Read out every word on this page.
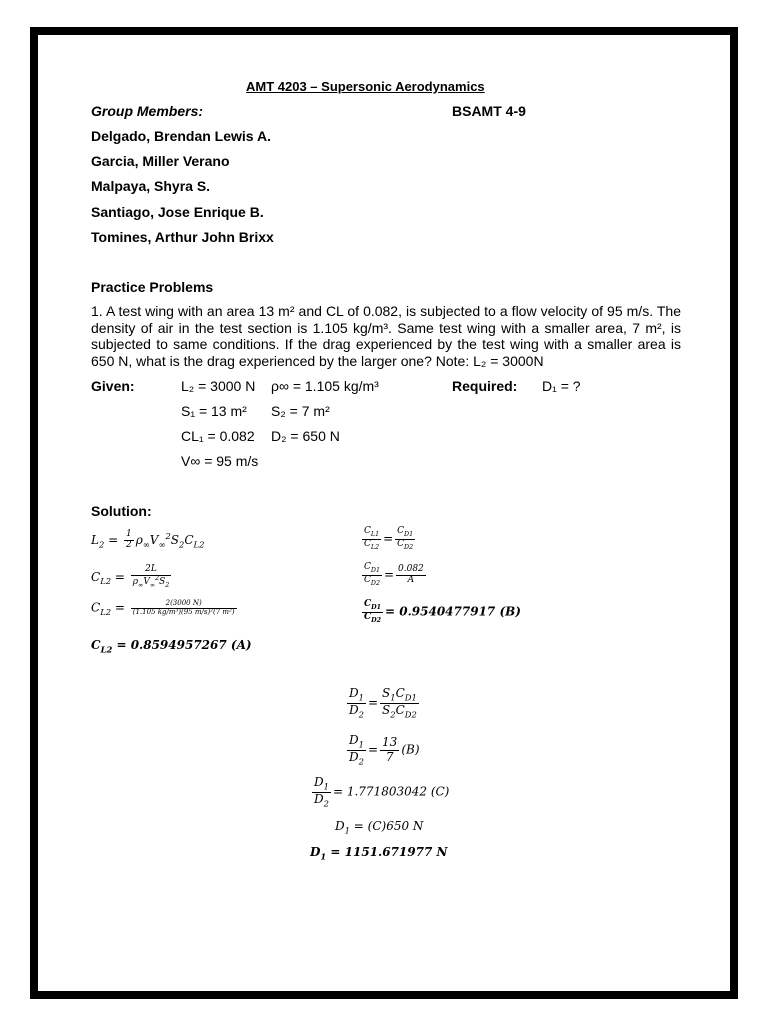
AMT 4203 – Supersonic Aerodynamics
Group Members:	BSAMT 4-9
Delgado, Brendan Lewis A.
Garcia, Miller Verano
Malpaya, Shyra S.
Santiago, Jose Enrique B.
Tomines, Arthur John Brixx
Practice Problems
1. A test wing with an area 13 m² and CL of 0.082, is subjected to a flow velocity of 95 m/s. The density of air in the test section is 1.105 kg/m³. Same test wing with a smaller area, 7 m², is subjected to same conditions. If the drag experienced by the test wing with a smaller area is 650 N, what is the drag experienced by the larger one? Note: L₂ = 3000N
Given:	L₂ = 3000 N ρ∞ = 1.105 kg/m³	Required: D₁ = ?
S₁ = 13 m² S₂ = 7 m²
CL₁ = 0.082 D₂ = 650 N
V∞ = 95 m/s
Solution:
$L_2 = \frac{1}{2} \rho_\infty V_\infty^2S_2C_{L2}$
$C_{L2} = \frac{2L}{\rho_\infty V_\infty^2S_2}$
$C_{L2} = \frac{2(3000 N)}{\text{(1.105 kg/m³)(95 m/s)²(7 m²)}}$
$C_{L2} = 0.8594957267$ (A)
$\frac{C_{L1}}{C_{L2}} = \frac{C_{D1}}{C_{D2}}$
$\frac{C_{D1}}{C_{D2}} = \frac{0.082}{A}$
$\frac{C_{D1}}{C_{D2}} = 0.9540477917$ (B)
$\frac{D_1}{D_2} = \frac{S_1C_{D1}}{S_2C_{D2}}$
$\frac{D_1}{D_2} = \frac{13}{7} (B)$
$\frac{D_1}{D_2} = 1.771803042$ (C)
$D_1 = (C)650$ N
$D_1 = 1151.671977$ N
